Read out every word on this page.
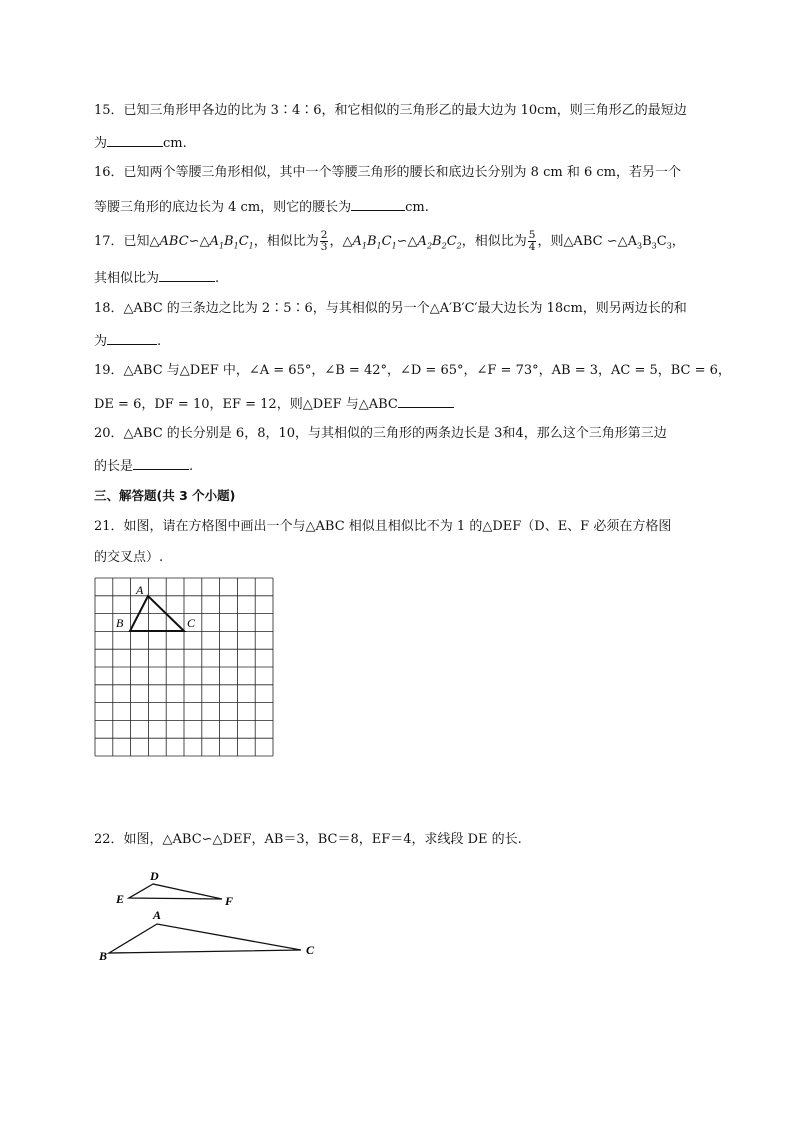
15．已知三角形甲各边的比为 3∶4∶6，和它相似的三角形乙的最大边为 10cm，则三角形乙的最短边
为	cm.
16．已知两个等腰三角形相似，其中一个等腰三角形的腰长和底边长分别为 8 cm 和 6 cm，若另一个
等腰三角形的底边长为 4 cm，则它的腰长为	cm.
17．已知$\triangle ABC∽\triangle A_1B_1C_1$，相似比为 $\frac{2}{3}$ ，$\triangle A_1B_1C_1∽\triangle A_2B_2C_2$，相似比为 $\frac{5}{4}$ ，则△ABC $∽\triangle A_3B_3C_3$，
其相似比为	.
18．△ABC 的三条边之比为 2∶5∶6，与其相似的另一个△A′B′C′最大边长为 18cm，则另两边长的和
为	.
19．△ABC 与△DEF 中，∠A = 65°，∠B = 42°，∠D = 65°，∠F = 73°，AB = 3，AC = 5，BC = 6，
DE = 6，DF = 10，EF = 12，则△DEF 与△ABC
20．△ABC 的长分别是 6，8，10，与其相似的三角形的两条边长是 3和4，那么这个三角形第三边
的长是	.
三、解答题(共 3 个小题)
21．如图，请在方格图中画出一个与△ABC 相似且相似比不为 1 的△DEF（D、E、F 必须在方格图
的交叉点）.
A
B	C
22．如图，△ABC∽△DEF，AB＝3，BC＝8，EF＝4，求线段 DE 的长.
D
E	F
A
B	C
